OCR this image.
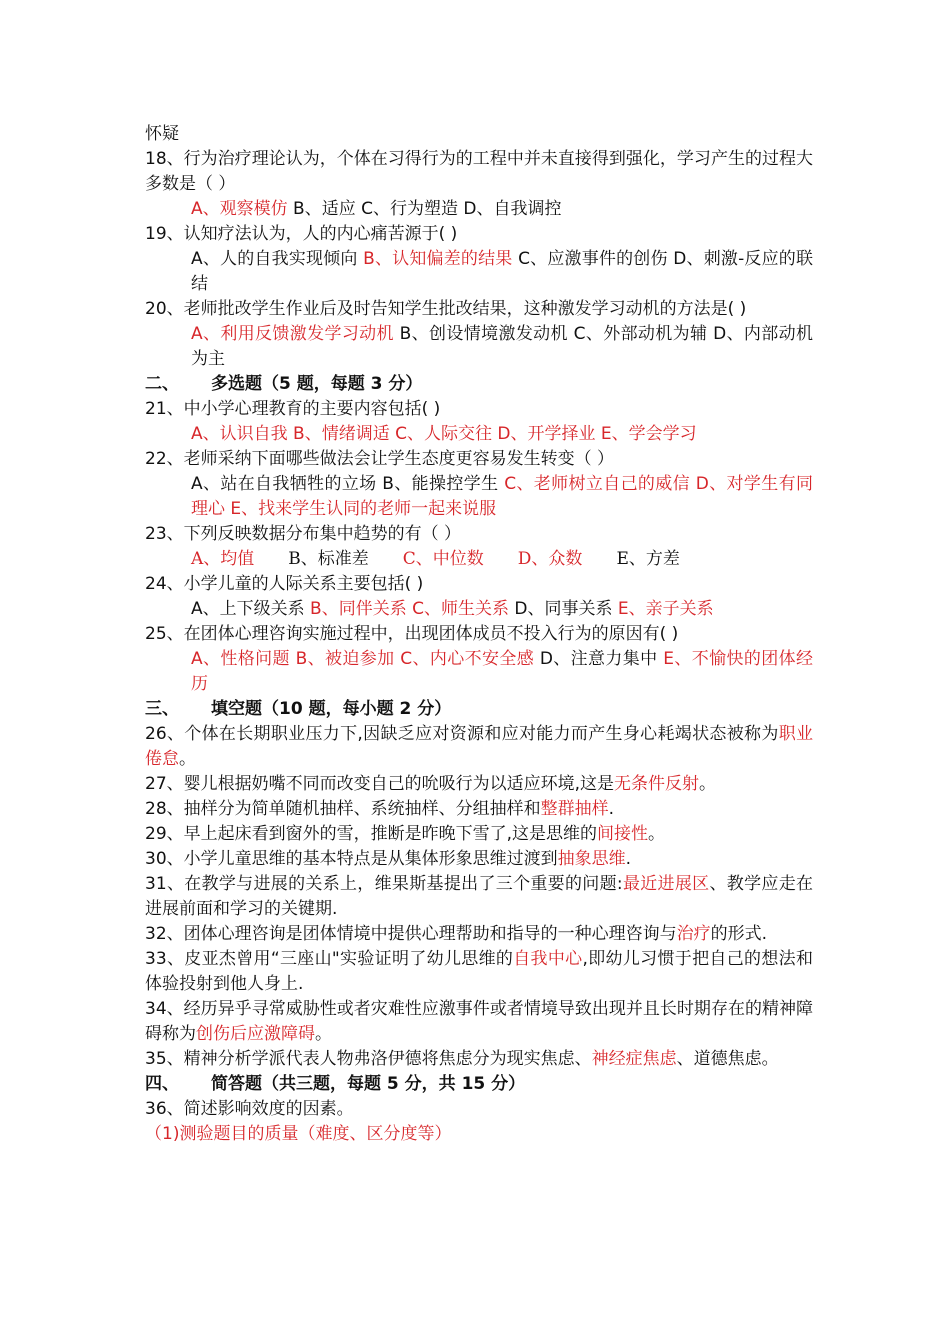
怀疑
18、行为治疗理论认为，个体在习得行为的工程中并未直接得到强化，学习产生的过程大多数是（ ）
A、观察模仿 B、适应 C、行为塑造 D、自我调控
19、认知疗法认为，人的内心痛苦源于( )
A、人的自我实现倾向 B、认知偏差的结果 C、应激事件的创伤 D、刺激-反应的联结
20、老师批改学生作业后及时告知学生批改结果，这种激发学习动机的方法是( )
A、利用反馈激发学习动机 B、创设情境激发动机 C、外部动机为辅 D、内部动机为主
二、 多选题（5 题，每题 3 分）
21、中小学心理教育的主要内容包括( )
A、认识自我 B、情绪调适 C、人际交往 D、开学择业 E、学会学习
22、老师采纳下面哪些做法会让学生态度更容易发生转变（ ）
A、站在自我牺牲的立场 B、能操控学生 C、老师树立自己的威信 D、对学生有同理心 E、找来学生认同的老师一起来说服
23、下列反映数据分布集中趋势的有（ ）
A、均值 B、标准差 C、中位数 D、众数 E、方差
24、小学儿童的人际关系主要包括( )
A、上下级关系 B、同伴关系 C、师生关系 D、同事关系 E、亲子关系
25、在团体心理咨询实施过程中，出现团体成员不投入行为的原因有( )
A、性格问题 B、被迫参加 C、内心不安全感 D、注意力集中 E、不愉快的团体经历
三、 填空题（10 题，每小题 2 分）
26、个体在长期职业压力下,因缺乏应对资源和应对能力而产生身心耗竭状态被称为职业倦怠。
27、婴儿根据奶嘴不同而改变自己的吮吸行为以适应环境,这是无条件反射。
28、抽样分为简单随机抽样、系统抽样、分组抽样和整群抽样.
29、早上起床看到窗外的雪，推断是昨晚下雪了,这是思维的间接性。
30、小学儿童思维的基本特点是从集体形象思维过渡到抽象思维.
31、在教学与进展的关系上，维果斯基提出了三个重要的问题:最近进展区、教学应走在进展前面和学习的关键期.
32、团体心理咨询是团体情境中提供心理帮助和指导的一种心理咨询与治疗的形式.
33、皮亚杰曾用“三座山"实验证明了幼儿思维的自我中心,即幼儿习惯于把自己的想法和体验投射到他人身上.
34、经历异乎寻常威胁性或者灾难性应激事件或者情境导致出现并且长时期存在的精神障碍称为创伤后应激障碍。
35、精神分析学派代表人物弗洛伊德将焦虑分为现实焦虑、神经症焦虑、道德焦虑。
四、 简答题（共三题，每题 5 分，共 15 分）
36、简述影响效度的因素。
（1)测验题目的质量（难度、区分度等）
